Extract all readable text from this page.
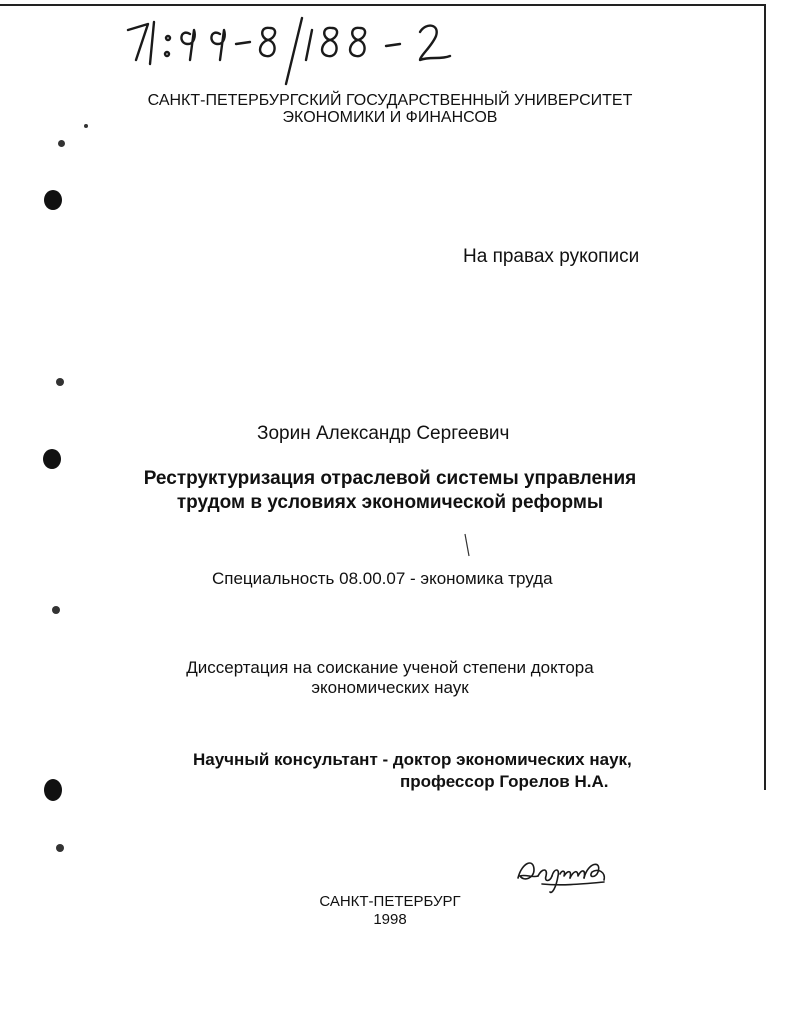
САНКТ-ПЕТЕРБУРГСКИЙ ГОСУДАРСТВЕННЫЙ УНИВЕРСИТЕТ
ЭКОНОМИКИ И ФИНАНСОВ
На правах рукописи
Зорин Александр Сергеевич
Реструктуризация отраслевой системы управления
трудом в условиях экономической реформы
Специальность 08.00.07 - экономика труда
Диссертация на соискание ученой степени доктора
экономических наук
Научный консультант - доктор экономических наук,
профессор Горелов Н.А.
САНКТ-ПЕТЕРБУРГ
1998
